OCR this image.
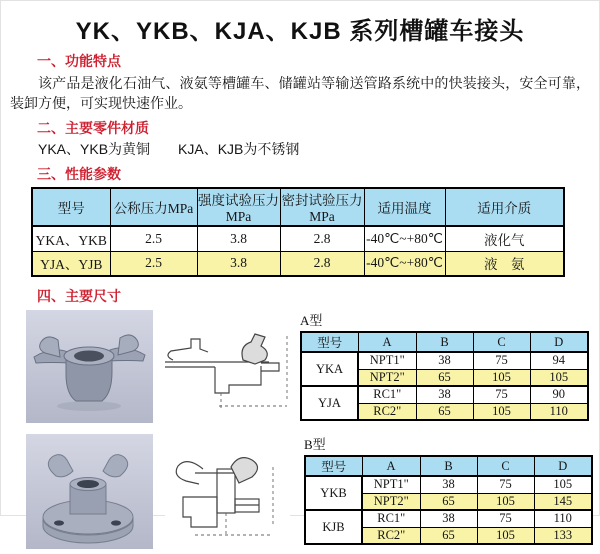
YK、YKB、KJA、KJB 系列槽罐车接头
一、功能特点

该产品是液化石油气、液氨等槽罐车、储罐站等输送管路系统中的快装接头，安全可靠，装卸方便，可实现快速作业。

二、主要零件材质
YKA、YKB为黄铜　　KJA、KJB为不锈钢
三、性能参数
型号	公称压力MPa	强度试验压力MPa	密封试验压力MPa	适用温度	适用介质
YKA、YKB	2.5	3.8	2.8	-40℃~+80℃	液化气
YJA、YJB	2.5	3.8	2.8	-40℃~+80℃	液　氨
四、主要尺寸
A型
型号	A	B	C	D
YKA	NPT1"	38	75	94
	NPT2"	65	105	105
YJA	RC1"	38	75	90
	RC2"	65	105	110
B型
型号	A	B	C	D
YKB	NPT1"	38	75	105
	NPT2"	65	105	145
KJB	RC1"	38	75	110
	RC2"	65	105	133
